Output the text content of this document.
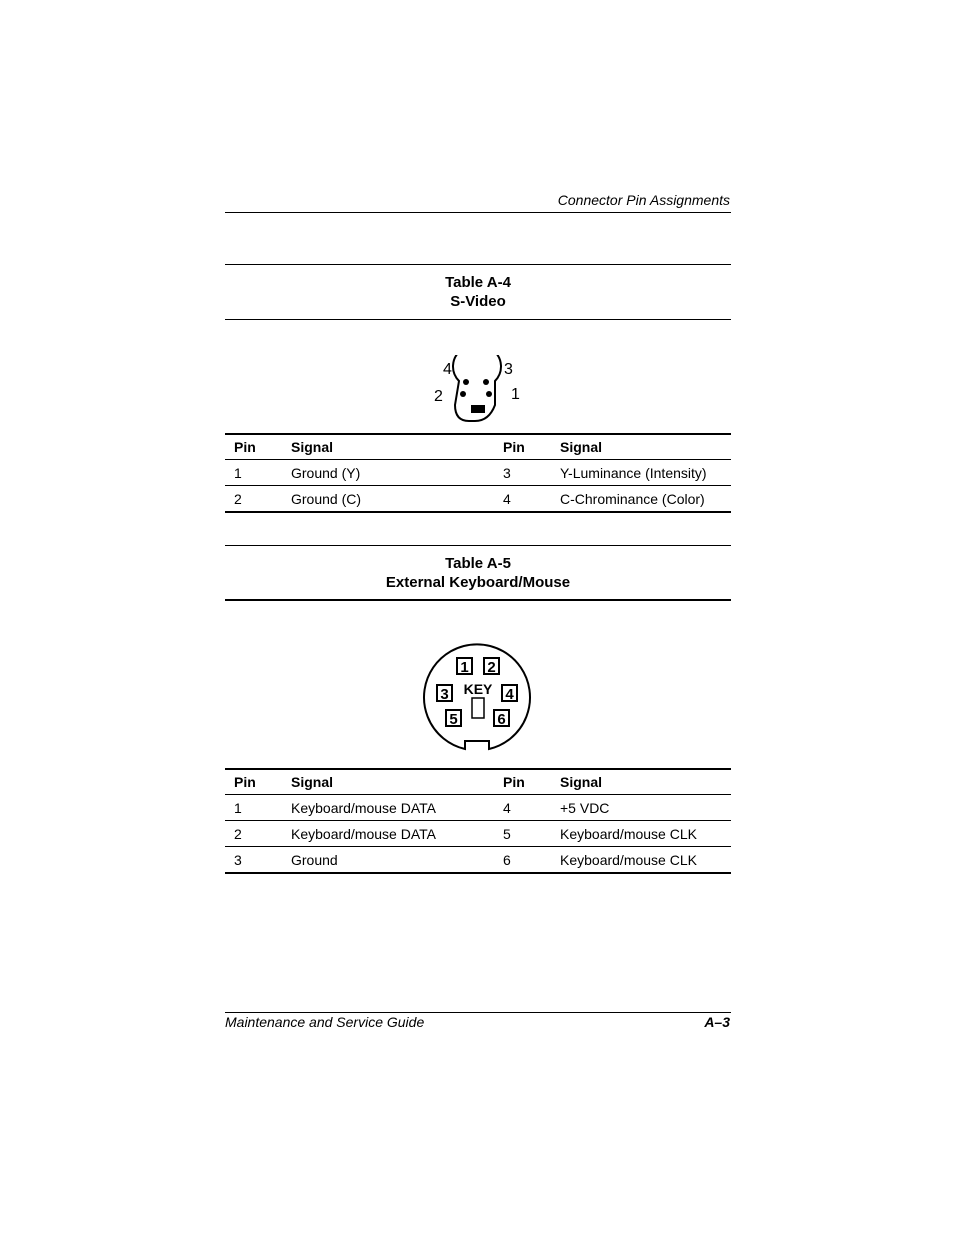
Connector Pin Assignments
Table A-4
S-Video
4	3
2	1
Pin	Signal	Pin	Signal
1	Ground (Y)	3	Y-Luminance (Intensity)
2	Ground (C)	4	C-Chrominance (Color)
Table A-5
External Keyboard/Mouse
1 2
3	4
5	6
KEY
Pin	Signal	Pin	Signal
1	Keyboard/mouse DATA	4	+5 VDC
2	Keyboard/mouse DATA	5	Keyboard/mouse CLK
3	Ground	6	Keyboard/mouse CLK
Maintenance and Service Guide	A–3
